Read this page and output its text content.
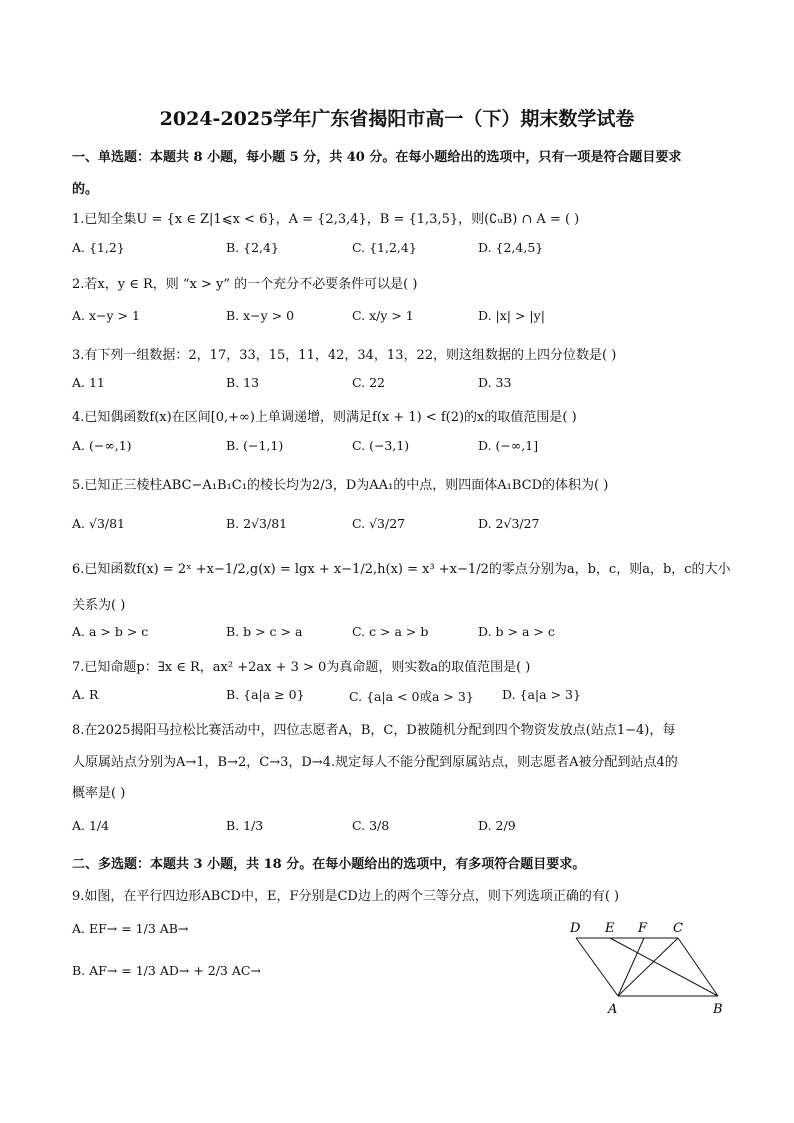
2024-2025学年广东省揭阳市高一（下）期末数学试卷
一、单选题：本题共 8 小题，每小题 5 分，共 40 分。在每小题给出的选项中，只有一项是符合题目要求
的。
1.已知全集U = {x ∈ Z|1⩽x < 6}，A = {2,3,4}，B = {1,3,5}，则(∁ᵤB) ∩ A = ( )
A. {1,2}	B. {2,4}	C. {1,2,4}	D. {2,4,5}
2.若x，y ∈ R，则 “x > y” 的一个充分不必要条件可以是( )
A. x−y > 1	B. x−y > 0	C. x/y > 1	D. |x| > |y|
3.有下列一组数据：2，17，33，15，11，42，34，13，22，则这组数据的上四分位数是( )
A. 11	B. 13	C. 22	D. 33
4.已知偶函数f(x)在区间[0,+∞)上单调递增，则满足f(x + 1) < f(2)的x的取值范围是( )
A. (−∞,1)	B. (−1,1)	C. (−3,1)	D. (−∞,1]
5.已知正三棱柱ABC−A₁B₁C₁的棱长均为2/3，D为AA₁的中点，则四面体A₁BCD的体积为( )
A. √3/81	B. 2√3/81	C. √3/27	D. 2√3/27
6.已知函数f(x) = 2ˣ +x−1/2,g(x) = lgx + x−1/2,h(x) = x³ +x−1/2的零点分别为a，b，c，则a，b，c的大小
关系为( )
A. a > b > c	B. b > c > a	C. c > a > b	D. b > a > c
7.已知命题p：∃x ∈ R，ax² +2ax + 3 > 0为真命题，则实数a的取值范围是( )
A. R	B. {a|a ≥ 0}	C. {a|a < 0或a > 3} D. {a|a > 3}
8.在2025揭阳马拉松比赛活动中，四位志愿者A，B，C，D被随机分配到四个物资发放点(站点1−4)，每
人原属站点分别为A→1，B→2，C→3，D→4.规定每人不能分配到原属站点，则志愿者A被分配到站点4的
概率是( )
A. 1/4	B. 1/3	C. 3/8	D. 2/9
二、多选题：本题共 3 小题，共 18 分。在每小题给出的选项中，有多项符合题目要求。
9.如图，在平行四边形ABCD中，E，F分别是CD边上的两个三等分点，则下列选项正确的有( )
A. EF→ = 1/3 AB→
B. AF→ = 1/3 AD→ + 2/3 AC→
D E F C
A	B
